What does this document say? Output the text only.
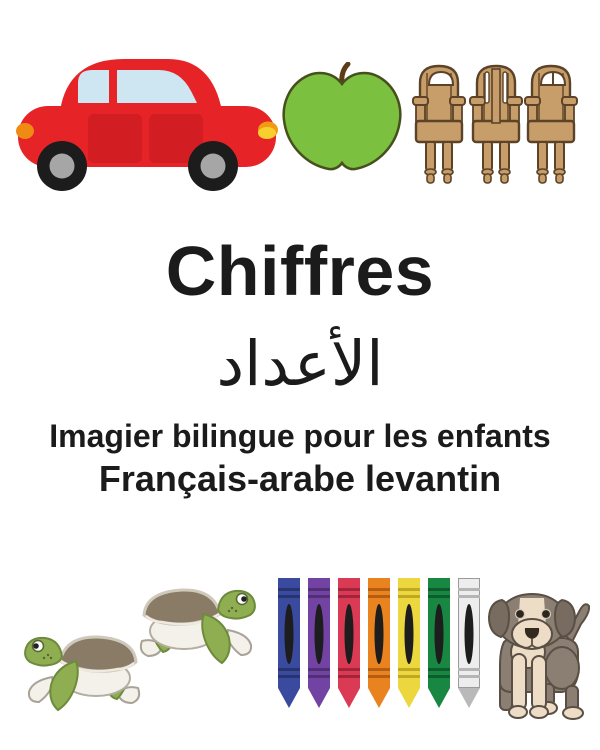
Chiffres
الأعداد
Imagier bilingue pour les enfants
Français-arabe levantin
